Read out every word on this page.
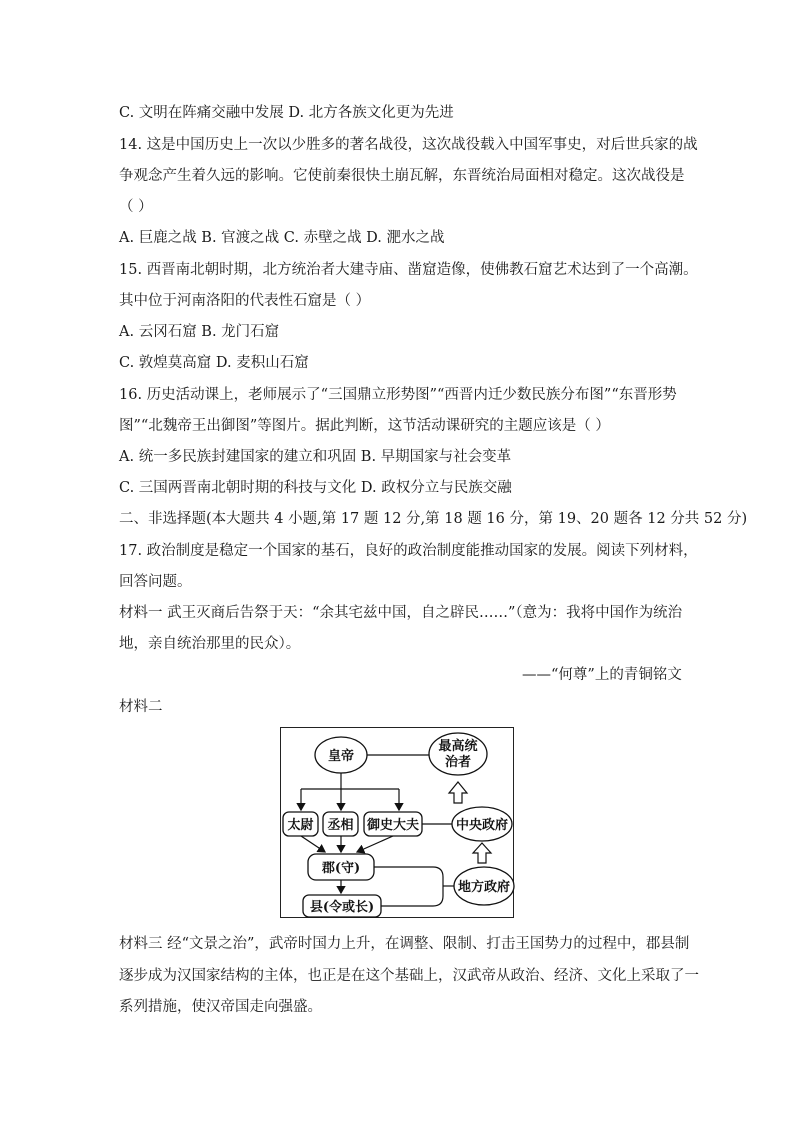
C. 文明在阵痛交融中发展 D. 北方各族文化更为先进
14. 这是中国历史上一次以少胜多的著名战役，这次战役载入中国军事史，对后世兵家的战
争观念产生着久远的影响。它使前秦很快土崩瓦解，东晋统治局面相对稳定。这次战役是
（ ）
A. 巨鹿之战 B. 官渡之战 C. 赤壁之战 D. 淝水之战
15. 西晋南北朝时期，北方统治者大建寺庙、凿窟造像，使佛教石窟艺术达到了一个高潮。
其中位于河南洛阳的代表性石窟是（ ）
A. 云冈石窟 B. 龙门石窟
C. 敦煌莫高窟 D. 麦积山石窟
16. 历史活动课上，老师展示了“三国鼎立形势图”“西晋内迁少数民族分布图”“东晋形势
图”“北魏帝王出御图”等图片。据此判断，这节活动课研究的主题应该是（ ）
A. 统一多民族封建国家的建立和巩固 B. 早期国家与社会变革
C. 三国两晋南北朝时期的科技与文化 D. 政权分立与民族交融
二、非选择题(本大题共 4 小题,第 17 题 12 分,第 18 题 16 分，第 19、20 题各 12 分共 52 分)
17. 政治制度是稳定一个国家的基石，良好的政治制度能推动国家的发展。阅读下列材料，
回答问题。
材料一 武王灭商后告祭于天：“余其宅兹中国，自之辟民……”（意为：我将中国作为统治
地，亲自统治那里的民众）。
——“何尊”上的青铜铭文
材料二
皇帝
最高统
治者
太尉 丞相 御史大夫	中央政府
郡(守)
县(令或长)
地方政府
材料三 经“文景之治”，武帝时国力上升，在调整、限制、打击王国势力的过程中，郡县制
逐步成为汉国家结构的主体，也正是在这个基础上，汉武帝从政治、经济、文化上采取了一
系列措施，使汉帝国走向强盛。
